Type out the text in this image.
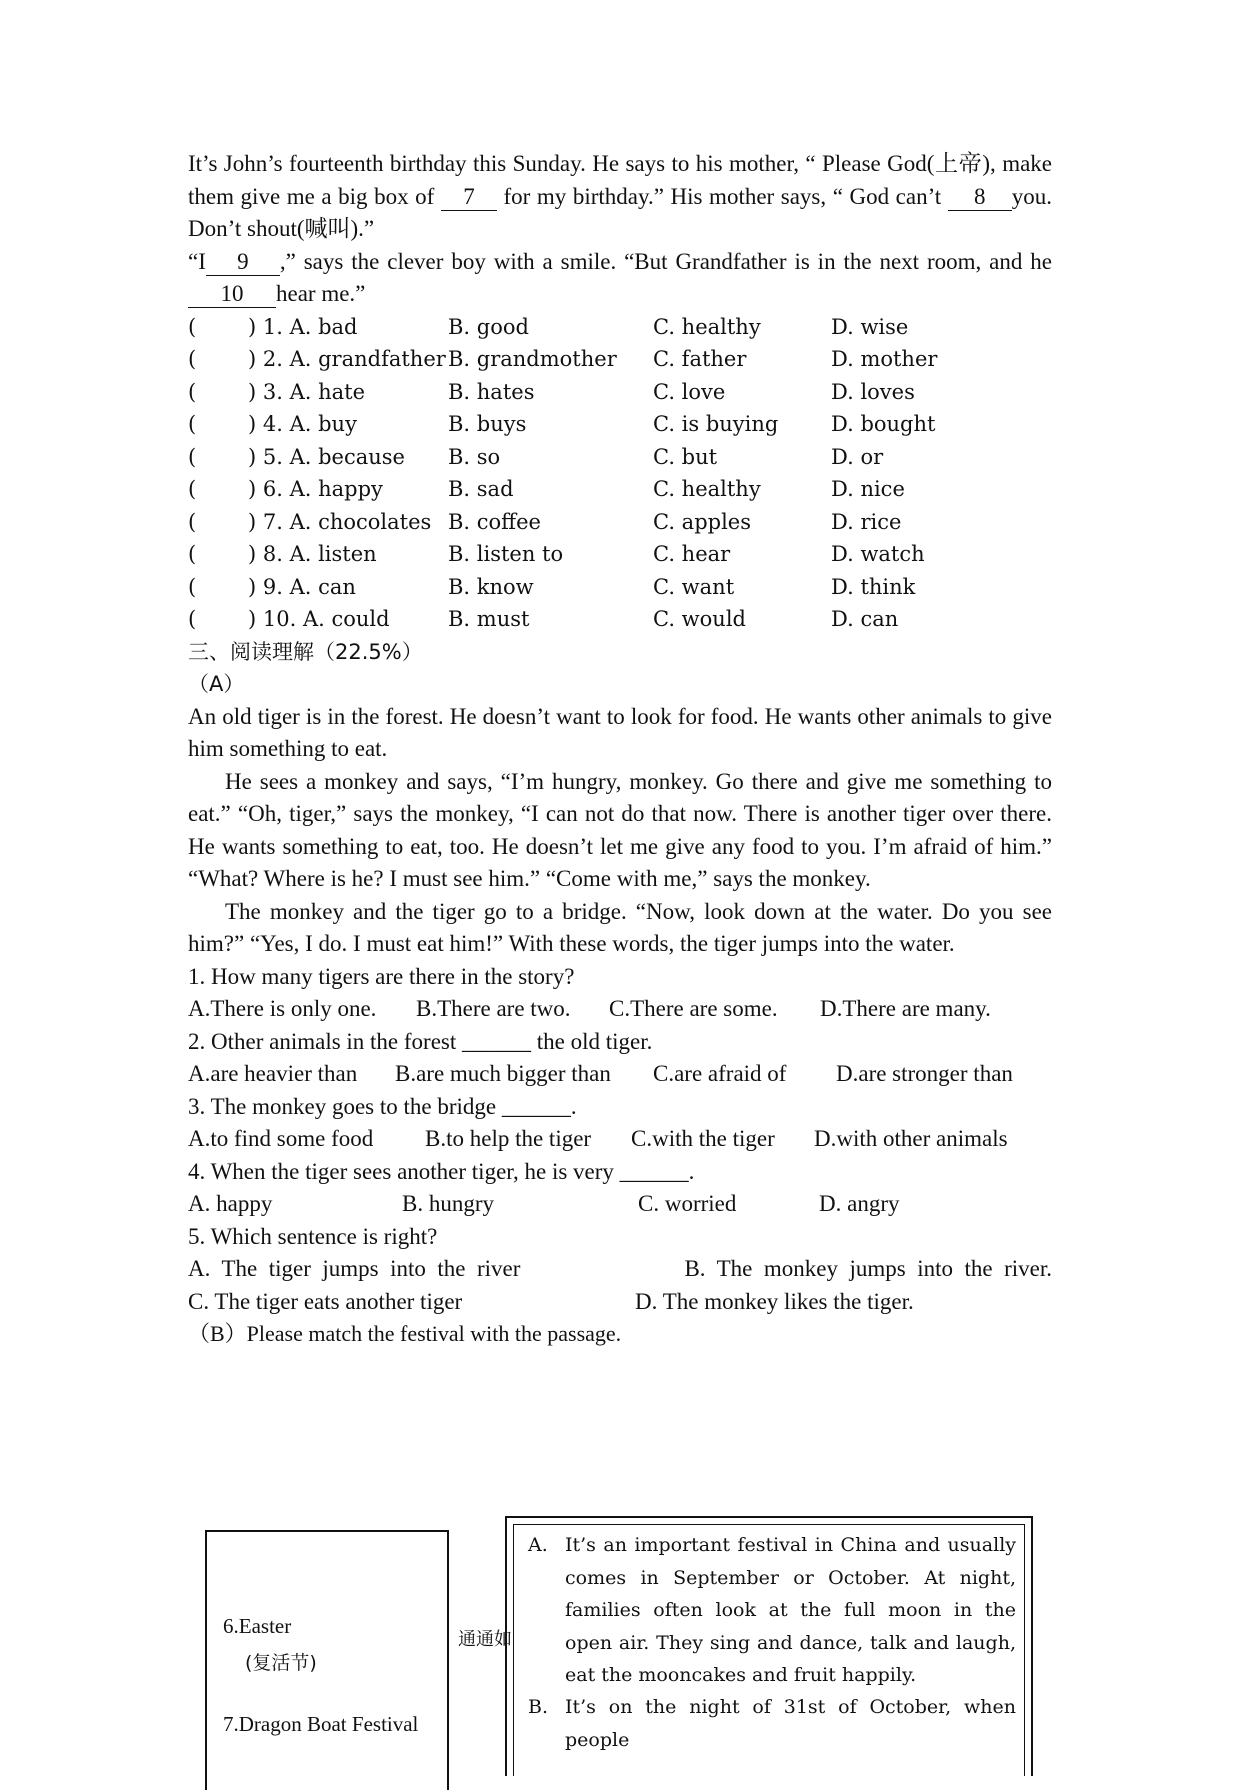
It’s John’s fourteenth birthday this Sunday. He says to his mother, “ Please God(上帝), make them give me a big box of 7 for my birthday.” His mother says, “ God can’t 8 you. Don’t shout(喊叫).”

“I 9 ,” says the clever boy with a smile. “But Grandfather is in the next room, and he10 hear me.”

(	) 1. A. bad	B. good	C. healthy	D. wise
(	) 2. A. grandfather B. grandmother	C. father	D. mother
(	) 3. A. hate	B. hates	C. love	D. loves
(	) 4. A. buy	B. buys	C. is buying	D. bought
(	) 5. A. because	B. so	C. but	D. or
(	) 6. A. happy	B. sad	C. healthy	D. nice
(	) 7. A. chocolates B. coffee	C. apples	D. rice
(	) 8. A. listen	B. listen to	C. hear	D. watch
(	) 9. A. can	B. know	C. want	D. think
(	) 10. A. could	B. must	C. would	D. can
三、阅读理解（22.5%）
（A）

An old tiger is in the forest. He doesn’t want to look for food. He wants other animals to give him something to eat.

He sees a monkey and says, “I’m hungry, monkey. Go there and give me something to eat.” “Oh, tiger,” says the monkey, “I can not do that now. There is another tiger over there. He wants something to eat, too. He doesn’t let me give any food to you. I’m afraid of him.” “What? Where is he? I must see him.” “Come with me,” says the monkey.

The monkey and the tiger go to a bridge. “Now, look down at the water. Do you see him?” “Yes, I do. I must eat him!” With these words, the tiger jumps into the water.

1. How many tigers are there in the story?

A.There is only one.	B.There are two.	C.There are some.	D.There are many.

2. Other animals in the forest ______ the old tiger.

A.are heavier than	B.are much bigger than	C.are afraid of	D.are stronger than

3. The monkey goes to the bridge ______.

A.to find some food	B.to help the tiger	C.with the tiger	D.with other animals

4. When the tiger sees another tiger, he is very ______.

A. happy	B. hungry	C. worried	D. angry

5. Which sentence is right?

A.  The  tiger  jumps  into  the  river	B.  The  monkey  jumps  into  the  river.
C. The tiger eats another tiger	D. The monkey likes the tiger.

（B）Please match the festival with the passage.

6.Easter
(复活节)
7.Dragon Boat Festival
通通如
A. It’s an important festival in China and usually comes in September or October. At night, families often look at the full moon in the open air. They sing and dance, talk and laugh, eat the mooncakes and fruit happily.
B. It’s on the night of 31st of October, when people
